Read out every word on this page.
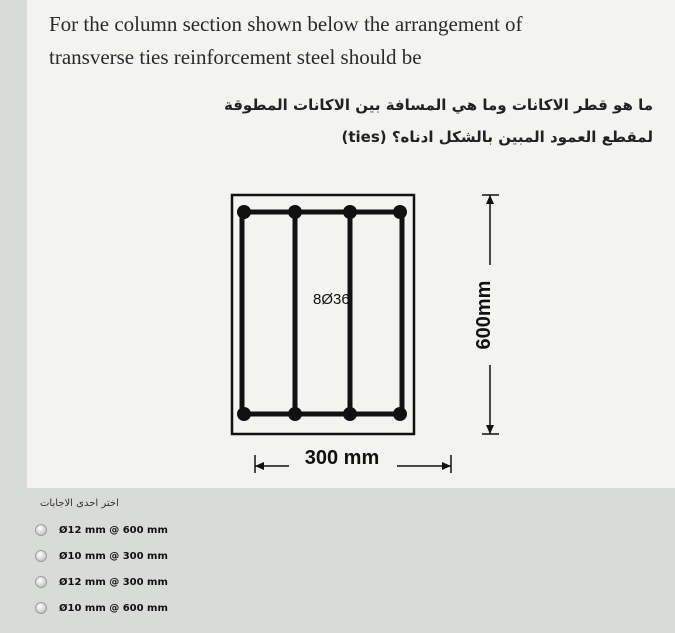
For the column section shown below the arrangement of
transverse ties reinforcement steel should be
ما هو قطر الاكانات وما هي المسافة بين الاكانات المطوقة
لمقطع العمود المبين بالشكل ادناه؟ (ties)
8Ø36	600mm
300 mm
اختر احدى الاجابات
Ø12 mm @ 600 mm
Ø10 mm @ 300 mm
Ø12 mm @ 300 mm
Ø10 mm @ 600 mm
